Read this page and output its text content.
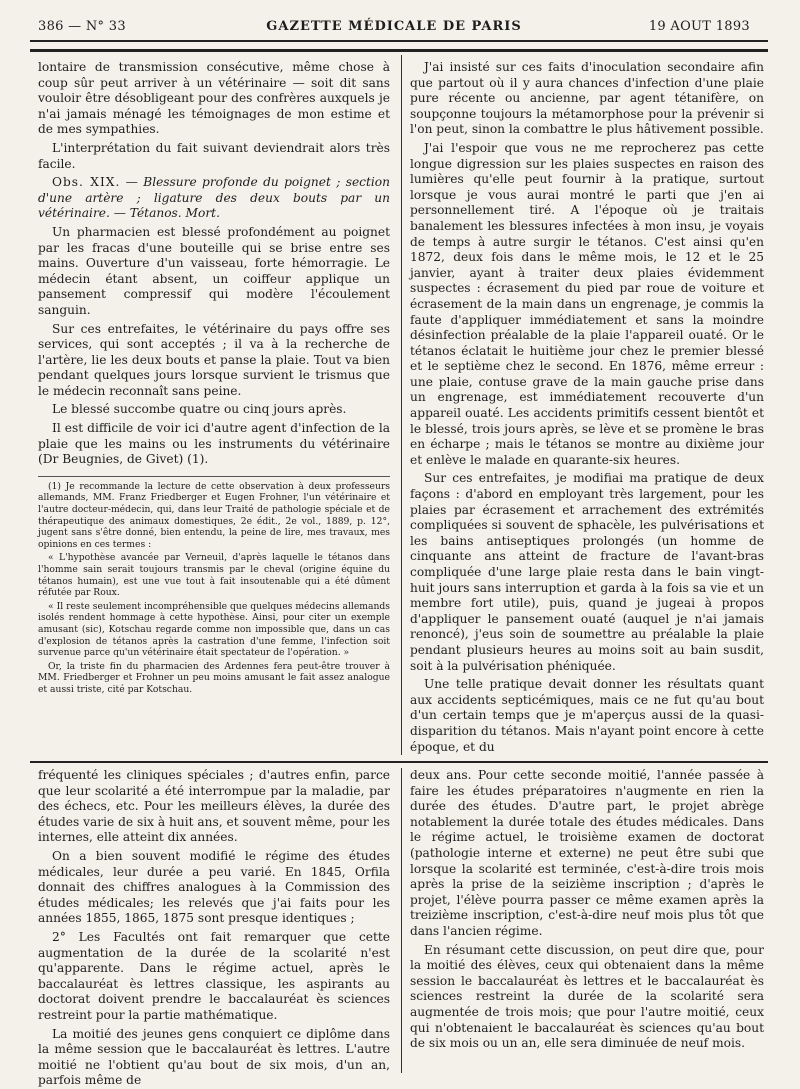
386 — N° 33	GAZETTE MÉDICALE DE PARIS	19 AOUT 1893

lontaire de transmission consécutive, même chose à coup sûr peut arriver à un vétérinaire — soit dit sans vouloir être désobligeant pour des confrères auxquels je n'ai jamais ménagé les témoignages de mon estime et de mes sympathies.

L'interprétation du fait suivant deviendrait alors très facile.

Obs. XIX. — Blessure profonde du poignet ; section d'une artère ; ligature des deux bouts par un vétérinaire. — Tétanos. Mort.

Un pharmacien est blessé profondément au poignet par les fracas d'une bouteille qui se brise entre ses mains. Ouverture d'un vaisseau, forte hémorragie. Le médecin étant absent, un coiffeur applique un pansement compressif qui modère l'écoulement sanguin.

Sur ces entrefaites, le vétérinaire du pays offre ses services, qui sont acceptés ; il va à la recherche de l'artère, lie les deux bouts et panse la plaie. Tout va bien pendant quelques jours lorsque survient le trismus que le médecin reconnaît sans peine.

Le blessé succombe quatre ou cinq jours après.

Il est difficile de voir ici d'autre agent d'infection de la plaie que les mains ou les instruments du vétérinaire (Dr Beugnies, de Givet) (1).

(1) Je recommande la lecture de cette observation à deux professeurs allemands, MM. Franz Friedberger et Eugen Frohner, l'un vétérinaire et l'autre docteur-médecin, qui, dans leur Traité de pathologie spéciale et de thérapeutique des animaux domestiques, 2e édit., 2e vol., 1889, p. 12°, jugent sans s'être donné, bien entendu, la peine de lire, mes travaux, mes opinions en ces termes :

« L'hypothèse avancée par Verneuil, d'après laquelle le tétanos dans l'homme sain serait toujours transmis par le cheval (origine équine du tétanos humain), est une vue tout à fait insoutenable qui a été dûment réfutée par Roux.

« Il reste seulement incompréhensible que quelques médecins allemands isolés rendent hommage à cette hypothèse. Ainsi, pour citer un exemple amusant (sic), Kotschau regarde comme non impossible que, dans un cas d'explosion de tétanos après la castration d'une femme, l'infection soit survenue parce qu'un vétérinaire était spectateur de l'opération. »

Or, la triste fin du pharmacien des Ardennes fera peut-être trouver à MM. Friedberger et Frohner un peu moins amusant le fait assez analogue et aussi triste, cité par Kotschau.

J'ai insisté sur ces faits d'inoculation secondaire afin que partout où il y aura chances d'infection d'une plaie pure récente ou ancienne, par agent tétanifère, on soupçonne toujours la métamorphose pour la prévenir si l'on peut, sinon la combattre le plus hâtivement possible.

J'ai l'espoir que vous ne me reprocherez pas cette longue digression sur les plaies suspectes en raison des lumières qu'elle peut fournir à la pratique, surtout lorsque je vous aurai montré le parti que j'en ai personnellement tiré. A l'époque où je traitais banalement les blessures infectées à mon insu, je voyais de temps à autre surgir le tétanos. C'est ainsi qu'en 1872, deux fois dans le même mois, le 12 et le 25 janvier, ayant à traiter deux plaies évidemment suspectes : écrasement du pied par roue de voiture et écrasement de la main dans un engrenage, je commis la faute d'appliquer immédiatement et sans la moindre désinfection préalable de la plaie l'appareil ouaté. Or le tétanos éclatait le huitième jour chez le premier blessé et le septième chez le second. En 1876, même erreur : une plaie, contuse grave de la main gauche prise dans un engrenage, est immédiatement recouverte d'un appareil ouaté. Les accidents primitifs cessent bientôt et le blessé, trois jours après, se lève et se promène le bras en écharpe ; mais le tétanos se montre au dixième jour et enlève le malade en quarante-six heures.

Sur ces entrefaites, je modifiai ma pratique de deux façons : d'abord en employant très largement, pour les plaies par écrasement et arrachement des extrémités compliquées si souvent de sphacèle, les pulvérisations et les bains antiseptiques prolongés (un homme de cinquante ans atteint de fracture de l'avant-bras compliquée d'une large plaie resta dans le bain vingt-huit jours sans interruption et garda à la fois sa vie et un membre fort utile), puis, quand je jugeai à propos d'appliquer le pansement ouaté (auquel je n'ai jamais renoncé), j'eus soin de soumettre au préalable la plaie pendant plusieurs heures au moins soit au bain susdit, soit à la pulvérisation phéniquée.

Une telle pratique devait donner les résultats quant aux accidents septicémiques, mais ce ne fut qu'au bout d'un certain temps que je m'aperçus aussi de la quasi-disparition du tétanos. Mais n'ayant point encore à cette époque, et du

fréquenté les cliniques spéciales ; d'autres enfin, parce que leur scolarité a été interrompue par la maladie, par des échecs, etc. Pour les meilleurs élèves, la durée des études varie de six à huit ans, et souvent même, pour les internes, elle atteint dix années.

On a bien souvent modifié le régime des études médicales, leur durée a peu varié. En 1845, Orfila donnait des chiffres analogues à la Commission des études médicales; les relevés que j'ai faits pour les années 1855, 1865, 1875 sont presque identiques ;

2° Les Facultés ont fait remarquer que cette augmentation de la durée de la scolarité n'est qu'apparente. Dans le régime actuel, après le baccalauréat ès lettres classique, les aspirants au doctorat doivent prendre le baccalauréat ès sciences restreint pour la partie mathématique.

La moitié des jeunes gens conquiert ce diplôme dans la même session que le baccalauréat ès lettres. L'autre moitié ne l'obtient qu'au bout de six mois, d'un an, parfois même de

deux ans. Pour cette seconde moitié, l'année passée à faire les études préparatoires n'augmente en rien la durée des études. D'autre part, le projet abrège notablement la durée totale des études médicales. Dans le régime actuel, le troisième examen de doctorat (pathologie interne et externe) ne peut être subi que lorsque la scolarité est terminée, c'est-à-dire trois mois après la prise de la seizième inscription ; d'après le projet, l'élève pourra passer ce même examen après la treizième inscription, c'est-à-dire neuf mois plus tôt que dans l'ancien régime.

En résumant cette discussion, on peut dire que, pour la moitié des élèves, ceux qui obtenaient dans la même session le baccalauréat ès lettres et le baccalauréat ès sciences restreint la durée de la scolarité sera augmentée de trois mois; que pour l'autre moitié, ceux qui n'obtenaient le baccalauréat ès sciences qu'au bout de six mois ou un an, elle sera diminuée de neuf mois.
